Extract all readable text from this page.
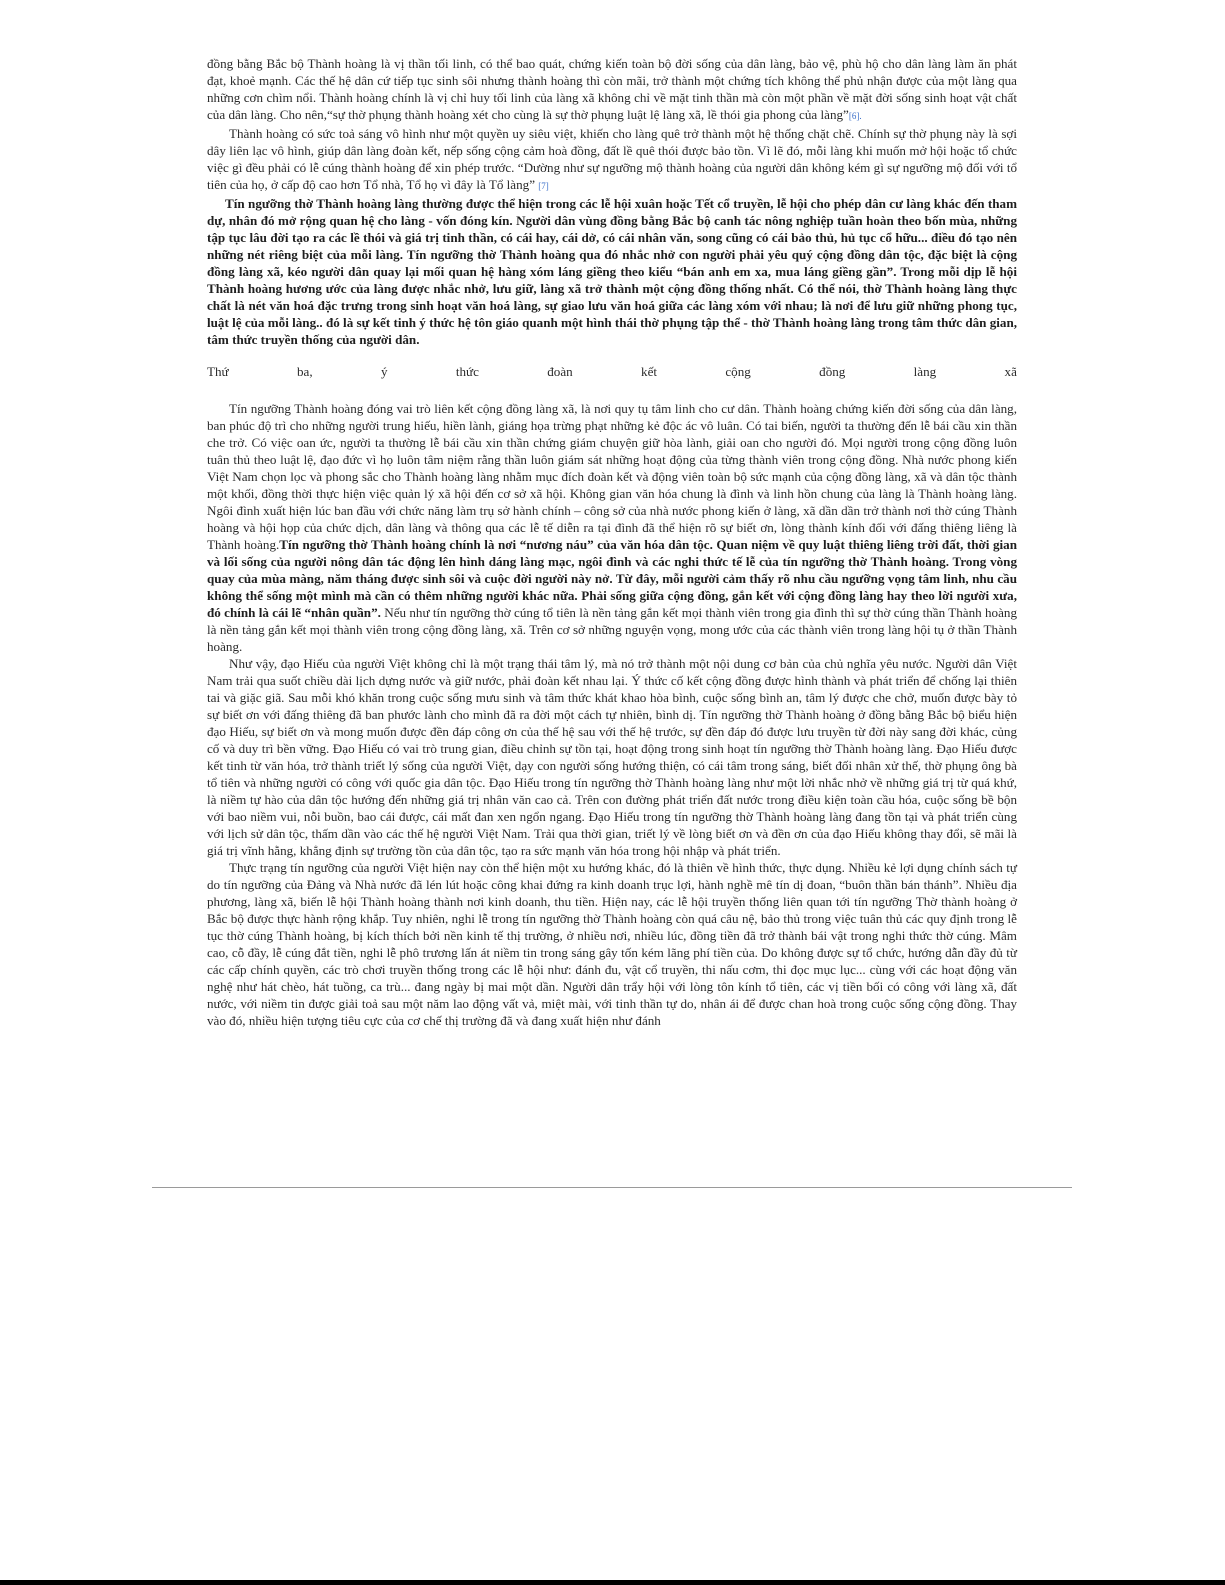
đồng bằng Bắc bộ Thành hoàng là vị thần tối linh, có thể bao quát, chứng kiến toàn bộ đời sống của dân làng, bảo vệ, phù hộ cho dân làng làm ăn phát đạt, khoẻ mạnh. Các thế hệ dân cứ tiếp tục sinh sôi nhưng thành hoàng thì còn mãi, trở thành một chứng tích không thể phủ nhận được của một làng qua những cơn chìm nổi. Thành hoàng chính là vị chỉ huy tối linh của làng xã không chỉ về mặt tinh thần mà còn một phần về mặt đời sống sinh hoạt vật chất của dân làng. Cho nên,“sự thờ phụng thành hoàng xét cho cùng là sự thờ phụng luật lệ làng xã, lề thói gia phong của làng”[6].

Thành hoàng có sức toả sáng vô hình như một quyền uy siêu việt, khiến cho làng quê trở thành một hệ thống chặt chẽ. Chính sự thờ phụng này là sợi dây liên lạc vô hình, giúp dân làng đoàn kết, nếp sống cộng cảm hoà đồng, đất lề quê thói được bảo tồn. Vì lẽ đó, mỗi làng khi muốn mở hội hoặc tổ chức việc gì đều phải có lễ cúng thành hoàng để xin phép trước. “Dường như sự ngưỡng mộ thành hoàng của người dân không kém gì sự ngưỡng mộ đối với tổ tiên của họ, ở cấp độ cao hơn Tổ nhà, Tổ họ vì đây là Tổ làng” [7]

Tín ngưỡng thờ Thành hoàng làng thường được thể hiện trong các lễ hội xuân hoặc Tết cổ truyền, lễ hội cho phép dân cư làng khác đến tham dự, nhân đó mở rộng quan hệ cho làng - vốn đóng kín. Người dân vùng đồng bằng Bắc bộ canh tác nông nghiệp tuần hoàn theo bốn mùa, những tập tục lâu đời tạo ra các lề thói và giá trị tinh thần, có cái hay, cái dở, có cái nhân văn, song cũng có cái bảo thủ, hủ tục cổ hữu... điều đó tạo nên những nét riêng biệt của mỗi làng. Tín ngưỡng thờ Thành hoàng qua đó nhắc nhở con người phải yêu quý cộng đồng dân tộc, đặc biệt là cộng đồng làng xã, kéo người dân quay lại mối quan hệ hàng xóm láng giềng theo kiểu “bán anh em xa, mua láng giềng gần”. Trong mỗi dịp lễ hội Thành hoàng hương ước của làng được nhắc nhở, lưu giữ, làng xã trở thành một cộng đồng thống nhất. Có thể nói, thờ Thành hoàng làng thực chất là nét văn hoá đặc trưng trong sinh hoạt văn hoá làng, sự giao lưu văn hoá giữa các làng xóm với nhau; là nơi để lưu giữ những phong tục, luật lệ của mỗi làng.. đó là sự kết tinh ý thức hệ tôn giáo quanh một hình thái thờ phụng tập thể - thờ Thành hoàng làng trong tâm thức dân gian, tâm thức truyền thống của người dân.

Thứ	ba,	ý	thức	đoàn	kết	cộng	đồng	làng	xã

Tín ngưỡng Thành hoàng đóng vai trò liên kết cộng đồng làng xã, là nơi quy tụ tâm linh cho cư dân. Thành hoàng chứng kiến đời sống của dân làng, ban phúc độ trì cho những người trung hiếu, hiền lành, giáng họa trừng phạt những kẻ độc ác vô luân. Có tai biến, người ta thường đến lễ bái cầu xin thần che trở. Có việc oan ức, người ta thường lễ bái cầu xin thần chứng giám chuyện giữ hòa lành, giải oan cho người đó. Mọi người trong cộng đồng luôn tuân thủ theo luật lệ, đạo đức vì họ luôn tâm niệm rằng thần luôn giám sát những hoạt động của từng thành viên trong cộng đồng. Nhà nước phong kiến Việt Nam chọn lọc và phong sắc cho Thành hoàng làng nhằm mục đích đoàn kết và động viên toàn bộ sức mạnh của cộng đồng làng, xã và dân tộc thành một khối, đồng thời thực hiện việc quản lý xã hội đến cơ sở xã hội. Không gian văn hóa chung là đình và linh hồn chung của làng là Thành hoàng làng. Ngôi đình xuất hiện lúc ban đầu với chức năng làm trụ sở hành chính – công sở của nhà nước phong kiến ở làng, xã dần dần trở thành nơi thờ cúng Thành hoàng và hội họp của chức dịch, dân làng và thông qua các lễ tế diễn ra tại đình đã thể hiện rõ sự biết ơn, lòng thành kính đối với đấng thiêng liêng là Thành hoàng.Tín ngưỡng thờ Thành hoàng chính là nơi “nương náu” của văn hóa dân tộc. Quan niệm về quy luật thiêng liêng trời đất, thời gian và lối sống của người nông dân tác động lên hình dáng làng mạc, ngôi đình và các nghi thức tế lễ của tín ngưỡng thờ Thành hoàng. Trong vòng quay của mùa màng, năm tháng được sinh sôi và cuộc đời người này nở. Từ đây, mỗi người cảm thấy rõ nhu cầu ngưỡng vọng tâm linh, nhu cầu không thể sống một mình mà cần có thêm những người khác nữa. Phải sống giữa cộng đồng, gắn kết với cộng đồng làng hay theo lời người xưa, đó chính là cái lẽ “nhân quần”. Nếu như tín ngưỡng thờ cúng tổ tiên là nền tảng gắn kết mọi thành viên trong gia đình thì sự thờ cúng thần Thành hoàng là nền tảng gắn kết mọi thành viên trong cộng đồng làng, xã. Trên cơ sở những nguyện vọng, mong ước của các thành viên trong làng hội tụ ở thần Thành hoàng.

Như vậy, đạo Hiếu của người Việt không chỉ là một trạng thái tâm lý, mà nó trở thành một nội dung cơ bản của chủ nghĩa yêu nước. Người dân Việt Nam trải qua suốt chiều dài lịch dựng nước và giữ nước, phải đoàn kết nhau lại. Ý thức cố kết cộng đồng được hình thành và phát triển để chống lại thiên tai và giặc giã. Sau mỗi khó khăn trong cuộc sống mưu sinh và tâm thức khát khao hòa bình, cuộc sống bình an, tâm lý được che chở, muốn được bày tỏ sự biết ơn với đấng thiêng đã ban phước lành cho mình đã ra đời một cách tự nhiên, bình dị. Tín ngưỡng thờ Thành hoàng ở đồng bằng Bắc bộ biểu hiện đạo Hiếu, sự biết ơn và mong muốn được đền đáp công ơn của thế hệ sau với thế hệ trước, sự đền đáp đó được lưu truyền từ đời này sang đời khác, củng cố và duy trì bền vững. Đạo Hiếu có vai trò trung gian, điều chỉnh sự tồn tại, hoạt động trong sinh hoạt tín ngưỡng thờ Thành hoàng làng. Đạo Hiếu được kết tinh từ văn hóa, trở thành triết lý sống của người Việt, dạy con người sống hướng thiện, có cái tâm trong sáng, biết đối nhân xử thế, thờ phụng ông bà tổ tiên và những người có công với quốc gia dân tộc. Đạo Hiếu trong tín ngưỡng thờ Thành hoàng làng như một lời nhắc nhở về những giá trị từ quá khứ, là niềm tự hào của dân tộc hướng đến những giá trị nhân văn cao cả. Trên con đường phát triển đất nước trong điều kiện toàn cầu hóa, cuộc sống bề bộn với bao niềm vui, nỗi buồn, bao cái được, cái mất đan xen ngổn ngang. Đạo Hiếu trong tín ngưỡng thờ Thành hoàng làng đang tồn tại và phát triển cùng với lịch sử dân tộc, thấm dần vào các thế hệ người Việt Nam. Trải qua thời gian, triết lý về lòng biết ơn và đền ơn của đạo Hiếu không thay đổi, sẽ mãi là giá trị vĩnh hằng, khẳng định sự trường tồn của dân tộc, tạo ra sức mạnh văn hóa trong hội nhập và phát triển.

Thực trạng tín ngưỡng của người Việt hiện nay còn thể hiện một xu hướng khác, đó là thiên về hình thức, thực dụng. Nhiều kẻ lợi dụng chính sách tự do tín ngưỡng của Đảng và Nhà nước đã lén lút hoặc công khai đứng ra kinh doanh trục lợi, hành nghề mê tín dị đoan, “buôn thần bán thánh”. Nhiều địa phương, làng xã, biến lễ hội Thành hoàng thành nơi kinh doanh, thu tiền. Hiện nay, các lễ hội truyền thống liên quan tới tín ngưỡng Thờ thành hoàng ở Bắc bộ được thực hành rộng khắp. Tuy nhiên, nghi lễ trong tín ngưỡng thờ Thành hoàng còn quá câu nệ, bảo thủ trong việc tuân thủ các quy định trong lễ tục thờ cúng Thành hoàng, bị kích thích bởi nền kinh tế thị trường, ở nhiều nơi, nhiều lúc, đồng tiền đã trở thành bái vật trong nghi thức thờ cúng. Mâm cao, cỗ đầy, lễ cúng đắt tiền, nghi lễ phô trương lấn át niềm tin trong sáng gây tốn kém lãng phí tiền của. Do không được sự tổ chức, hướng dẫn đầy đủ từ các cấp chính quyền, các trò chơi truyền thống trong các lễ hội như: đánh đu, vật cổ truyền, thi nấu cơm, thi đọc mục lục... cùng với các hoạt động văn nghệ như hát chèo, hát tuồng, ca trù... đang ngày bị mai một dần. Người dân trẩy hội với lòng tôn kính tổ tiên, các vị tiền bối có công với làng xã, đất nước, với niềm tin được giải toả sau một năm lao động vất vả, miệt mài, với tinh thần tự do, nhân ái để được chan hoà trong cuộc sống cộng đồng. Thay vào đó, nhiều hiện tượng tiêu cực của cơ chế thị trường đã và đang xuất hiện như đánh
